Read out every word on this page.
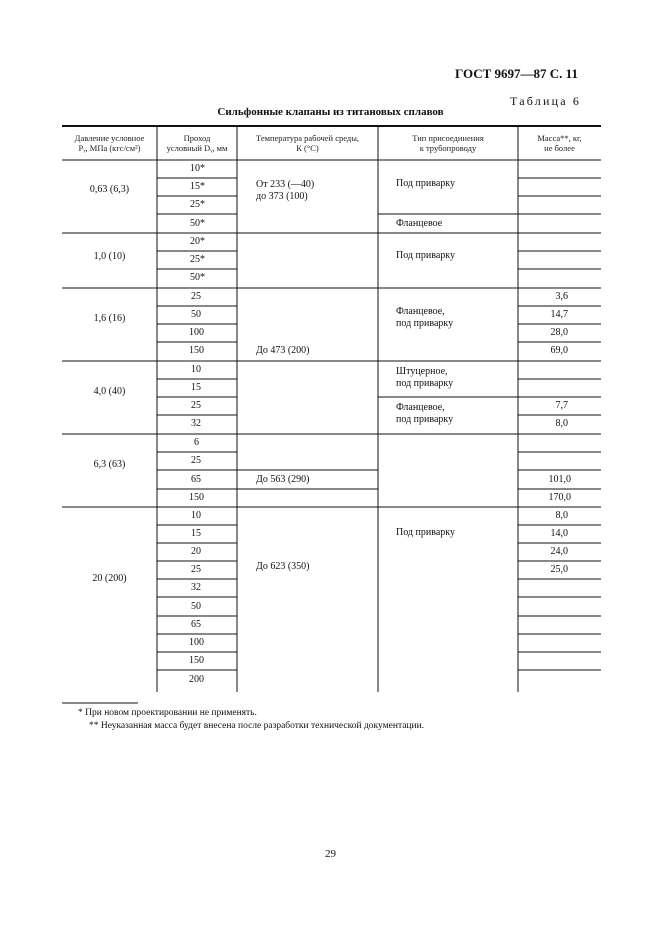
ГОСТ 9697—87 С. 11
Таблица 6
Сильфонные клапаны из титановых сплавов
Давление условное
Pᵧ, МПа (кгс/см²)
Проход
условный Dᵧ, мм
Температура рабочей среды,
К (°С)
Тип присоединения
к трубопроводу
Масса**, кг,
не более
0,63 (6,3)
1,0 (10)
1,6 (16)
4,0 (40)
6,3 (63)
20 (200)
10*
15*
25*
50*
20*
25*
50*
25
50
100
150
10
15
25
32
6
25
65
150
10
15
20
25
32
50
65
100
150
200
От 233 (—40)
до 373 (100)
До 473 (200)
До 563 (290)
До 623 (350)
Под приварку
Фланцевое
Под приварку
Фланцевое,
под приварку
Штуцерное,
под приварку
Фланцевое,
под приварку
Под приварку
3,6
14,7
28,0
69,0
7,7
8,0
101,0
170,0
8,0
14,0
24,0
25,0
* При новом проектировании не применять.
** Неуказанная масса будет внесена после разработки технической документации.
29
